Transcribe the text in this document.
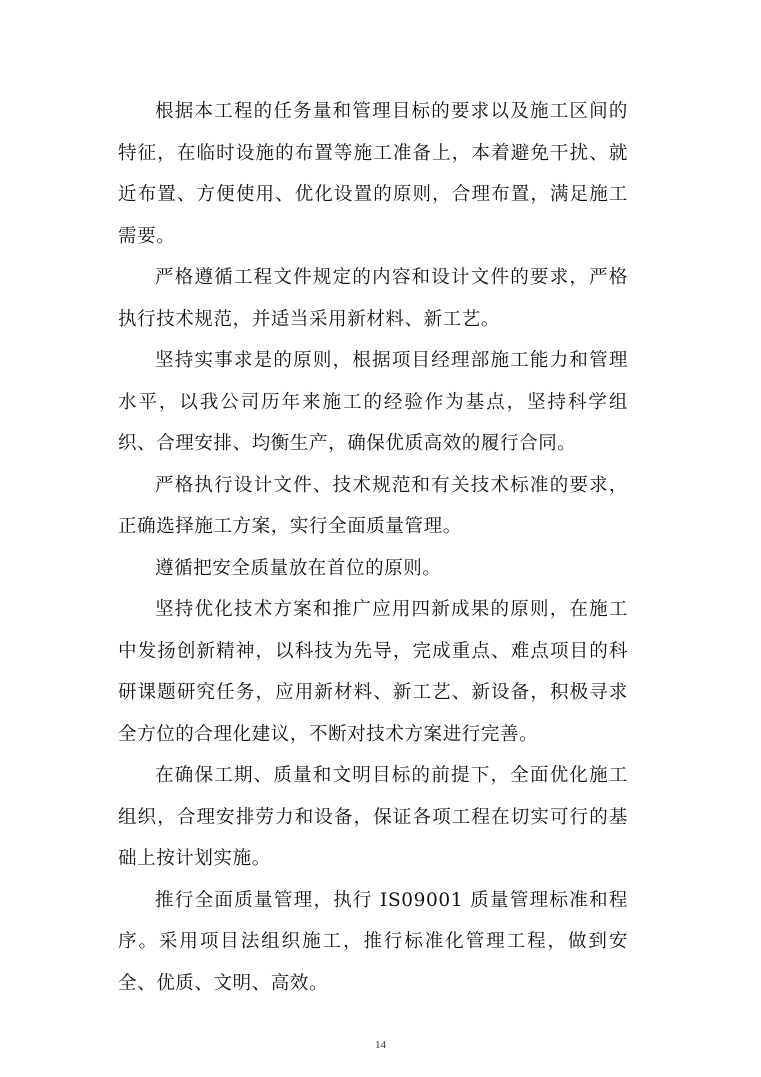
根据本工程的任务量和管理目标的要求以及施工区间的特征，在临时设施的布置等施工准备上，本着避免干扰、就近布置、方便使用、优化设置的原则，合理布置，满足施工需要。

严格遵循工程文件规定的内容和设计文件的要求，严格执行技术规范，并适当采用新材料、新工艺。

坚持实事求是的原则，根据项目经理部施工能力和管理水平，以我公司历年来施工的经验作为基点，坚持科学组织、合理安排、均衡生产，确保优质高效的履行合同。

严格执行设计文件、技术规范和有关技术标准的要求，正确选择施工方案，实行全面质量管理。

遵循把安全质量放在首位的原则。

坚持优化技术方案和推广应用四新成果的原则，在施工中发扬创新精神，以科技为先导，完成重点、难点项目的科研课题研究任务，应用新材料、新工艺、新设备，积极寻求全方位的合理化建议，不断对技术方案进行完善。

在确保工期、质量和文明目标的前提下，全面优化施工组织，合理安排劳力和设备，保证各项工程在切实可行的基础上按计划实施。

推行全面质量管理，执行 IS09001 质量管理标准和程序。采用项目法组织施工，推行标准化管理工程，做到安全、优质、文明、高效。

14
